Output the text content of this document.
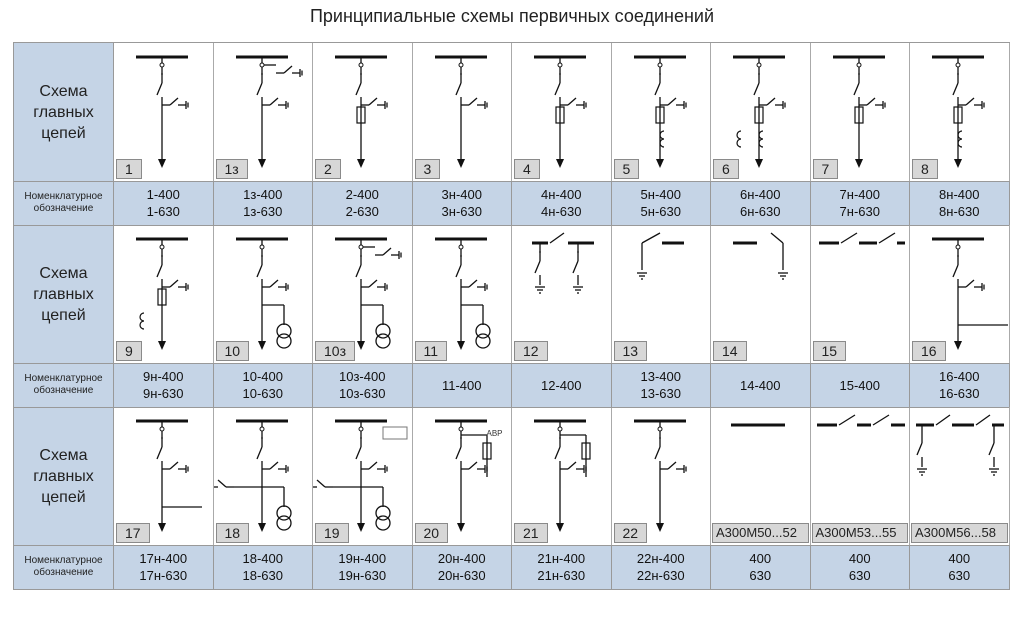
Принципиальные схемы первичных соединений
Схема главных цепей
Номенклатурное обозначение
1
1-400
1-630
1з
1з-400
1з-630
2
2-400
2-630
3
3н-400
3н-630
4
4н-400
4н-630
5
5н-400
5н-630
6
6н-400
6н-630
7
7н-400
7н-630
8
8н-400
8н-630
Схема главных цепей
Номенклатурное обозначение
9
9н-400
9н-630
10
10-400
10-630
10з
10з-400
10з-630
11
11-400
12
12-400
13
13-400
13-630
14
14-400
15
15-400
16
16-400
16-630
Схема главных цепей
Номенклатурное обозначение
17
17н-400
17н-630
18
18-400
18-630
19
19н-400
19н-630
АВР
20
20н-400
20н-630
21
21н-400
21н-630
22
22н-400
22н-630
А300М50...52
400
630
А300М53...55
400
630
А300М56...58
400
630
